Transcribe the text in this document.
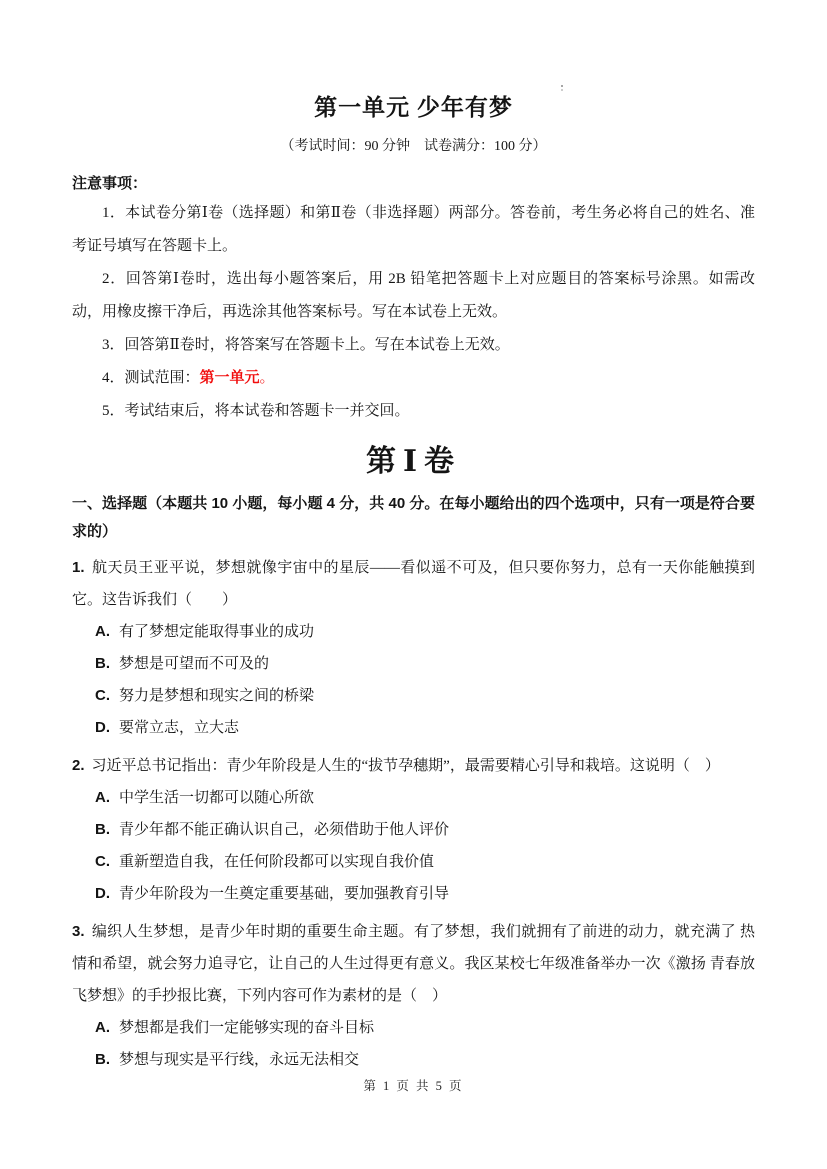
第一单元 少年有梦
（考试时间：90 分钟　试卷满分：100 分）
注意事项：

1．本试卷分第Ⅰ卷（选择题）和第Ⅱ卷（非选择题）两部分。答卷前，考生务必将自己的姓名、准考证号填写在答题卡上。

2．回答第Ⅰ卷时，选出每小题答案后，用 2B 铅笔把答题卡上对应题目的答案标号涂黑。如需改动，用橡皮擦干净后，再选涂其他答案标号。写在本试卷上无效。

3．回答第Ⅱ卷时，将答案写在答题卡上。写在本试卷上无效。

4．测试范围：第一单元。

5．考试结束后，将本试卷和答题卡一并交回。

第Ⅰ卷
一、选择题（本题共 10 小题，每小题 4 分，共 40 分。在每小题给出的四个选项中，只有一项是符合要求的）

1. 航天员王亚平说，梦想就像宇宙中的星辰——看似遥不可及，但只要你努力，总有一天你能触摸到它。这告诉我们（　　）

A. 有了梦想定能取得事业的成功

B. 梦想是可望而不可及的

C. 努力是梦想和现实之间的桥梁

D. 要常立志，立大志

2. 习近平总书记指出：青少年阶段是人生的“拔节孕穗期”，最需要精心引导和栽培。这说明（　）

A. 中学生活一切都可以随心所欲

B. 青少年都不能正确认识自己，必须借助于他人评价

C. 重新塑造自我，在任何阶段都可以实现自我价值

D. 青少年阶段为一生奠定重要基础，要加强教育引导

3. 编织人生梦想，是青少年时期的重要生命主题。有了梦想，我们就拥有了前进的动力，就充满了 热情和希望，就会努力追寻它，让自己的人生过得更有意义。我区某校七年级准备举办一次《激扬 青春放飞梦想》的手抄报比赛，下列内容可作为素材的是（　）

A. 梦想都是我们一定能够实现的奋斗目标

B. 梦想与现实是平行线，永远无法相交

第 1 页 共 5 页
